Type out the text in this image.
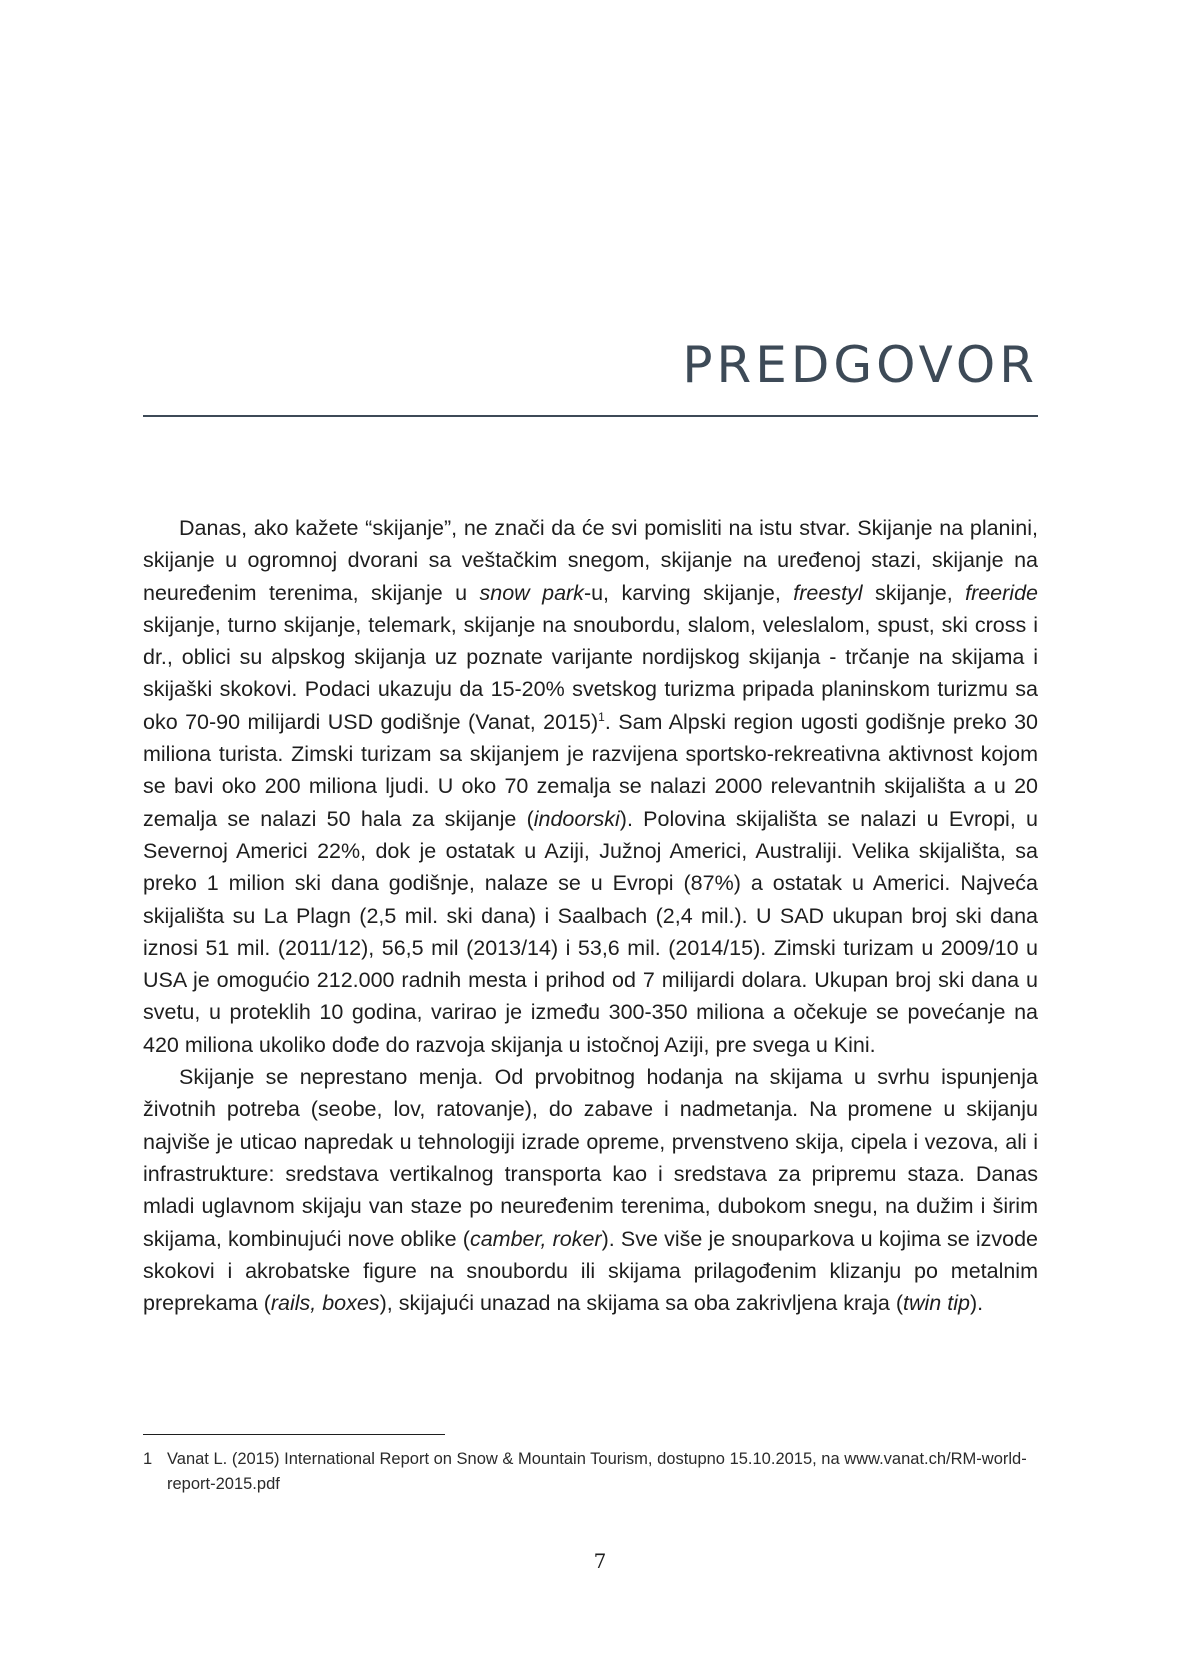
PREDGOVOR

Danas, ako kažete “skijanje”, ne znači da će svi pomisliti na istu stvar. Skijanje na planini, skijanje u ogromnoj dvorani sa veštačkim snegom, skijanje na uređenoj stazi, skijanje na neuređenim terenima, skijanje u snow park-u, karving skijanje, freestyl skijanje, freeride skijanje, turno skijanje, telemark, skijanje na snoubordu, slalom, veleslalom, spust, ski cross i dr., oblici su alpskog skijanja uz poznate varijante nordijskog skijanja - trčanje na skijama i skijaški skokovi. Podaci ukazuju da 15-20% svetskog turizma pripada planinskom turizmu sa oko 70-90 milijardi USD godišnje (Vanat, 2015)$^1$. Sam Alpski region ugosti godišnje preko 30 miliona turista. Zimski turizam sa skijanjem je razvijena sportsko-rekreativna aktivnost kojom se bavi oko 200 miliona ljudi. U oko 70 zemalja se nalazi 2000 relevantnih skijališta a u 20 zemalja se nalazi 50 hala za skijanje (indoorski). Polovina skijališta se nalazi u Evropi, u Severnoj Americi 22%, dok je ostatak u Aziji, Južnoj Americi, Australiji. Velika skijališta, sa preko 1 milion ski dana godišnje, nalaze se u Evropi (87%) a ostatak u Americi. Najveća skijališta su La Plagn (2,5 mil. ski dana) i Saalbach (2,4 mil.). U SAD ukupan broj ski dana iznosi 51 mil. (2011/12), 56,5 mil (2013/14) i 53,6 mil. (2014/15). Zimski turizam u 2009/10 u USA je omogućio 212.000 radnih mesta i prihod od 7 milijardi dolara. Ukupan broj ski dana u svetu, u proteklih 10 godina, varirao je između 300-350 miliona a očekuje se povećanje na 420 miliona ukoliko dođe do razvoja skijanja u istočnoj Aziji, pre svega u Kini.

Skijanje se neprestano menja. Od prvobitnog hodanja na skijama u svrhu ispunjenja životnih potreba (seobe, lov, ratovanje), do zabave i nadmetanja. Na promene u skijanju najviše je uticao napredak u tehnologiji izrade opreme, prvenstveno skija, cipela i vezova, ali i infrastrukture: sredstava vertikalnog transporta kao i sredstava za pripremu staza. Danas mladi uglavnom skijaju van staze po neuređenim terenima, dubokom snegu, na dužim i širim skijama, kombinujući nove oblike (camber, roker). Sve više je snouparkova u kojima se izvode skokovi i akrobatske figure na snoubordu ili skijama prilagođenim klizanju po metalnim preprekama (rails, boxes), skijajući unazad na skijama sa oba zakrivljena kraja (twin tip).

1 Vanat L. (2015) International Report on Snow & Mountain Tourism, dostupno 15.10.2015, na www.vanat.ch/RM-world-report-2015.pdf
7
